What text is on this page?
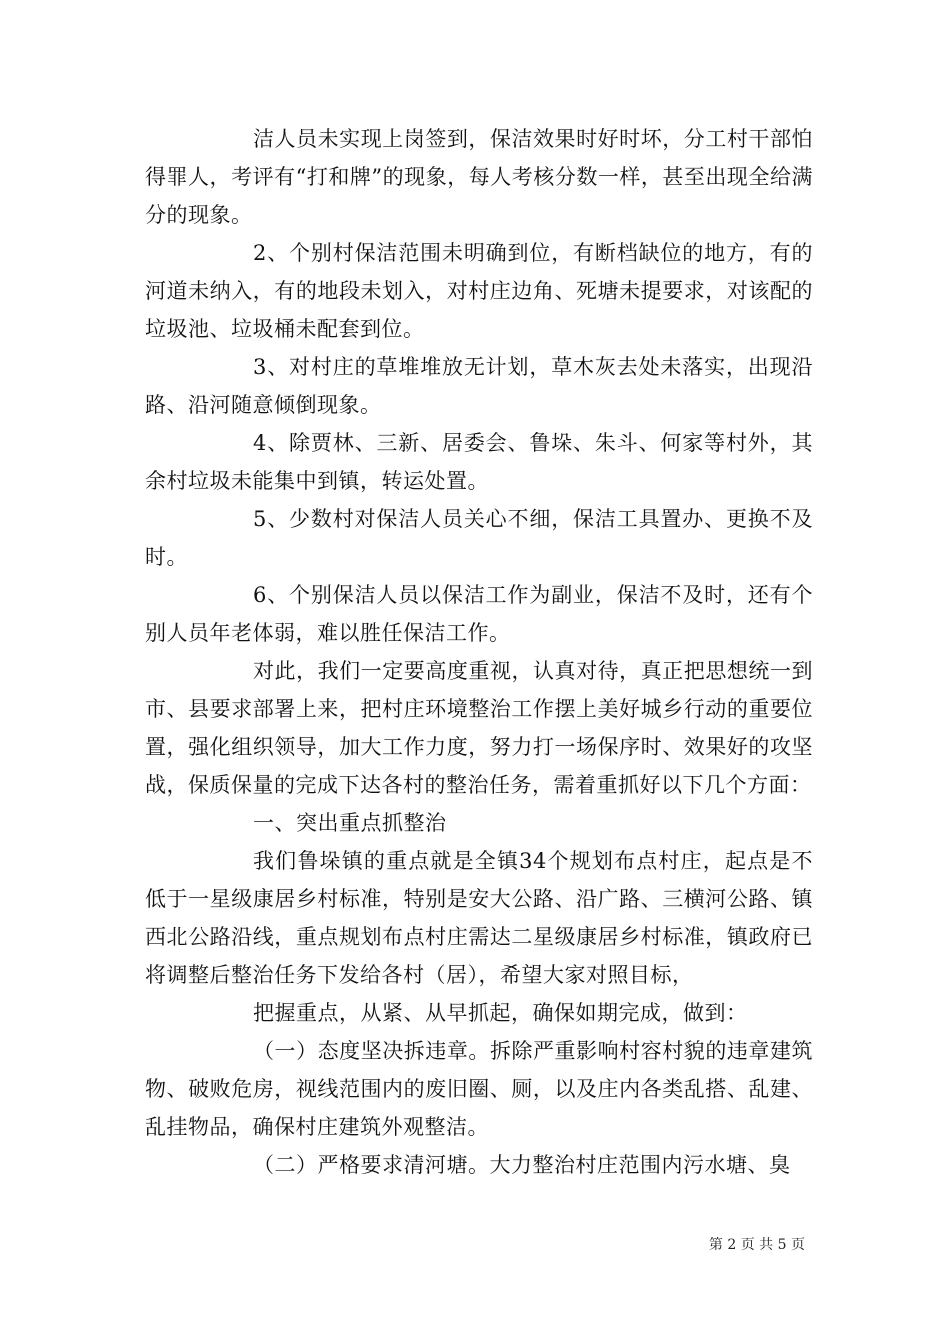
洁人员未实现上岗签到，保洁效果时好时坏，分工村干部怕得罪人，考评有“打和牌”的现象，每人考核分数一样，甚至出现全给满分的现象。

2、个别村保洁范围未明确到位，有断档缺位的地方，有的河道未纳入，有的地段未划入，对村庄边角、死塘未提要求，对该配的垃圾池、垃圾桶未配套到位。

3、对村庄的草堆堆放无计划，草木灰去处未落实，出现沿路、沿河随意倾倒现象。

4、除贾林、三新、居委会、鲁垛、朱斗、何家等村外，其余村垃圾未能集中到镇，转运处置。

5、少数村对保洁人员关心不细，保洁工具置办、更换不及时。

6、个别保洁人员以保洁工作为副业，保洁不及时，还有个别人员年老体弱，难以胜任保洁工作。

对此，我们一定要高度重视，认真对待，真正把思想统一到市、县要求部署上来，把村庄环境整治工作摆上美好城乡行动的重要位置，强化组织领导，加大工作力度，努力打一场保序时、效果好的攻坚战，保质保量的完成下达各村的整治任务，需着重抓好以下几个方面：

一、突出重点抓整治

我们鲁垛镇的重点就是全镇34个规划布点村庄，起点是不低于一星级康居乡村标准，特别是安大公路、沿广路、三横河公路、镇西北公路沿线，重点规划布点村庄需达二星级康居乡村标准，镇政府已将调整后整治任务下发给各村（居），希望大家对照目标，

把握重点，从紧、从早抓起，确保如期完成，做到：

（一）态度坚决拆违章。拆除严重影响村容村貌的违章建筑物、破败危房，视线范围内的废旧圈、厕，以及庄内各类乱搭、乱建、乱挂物品，确保村庄建筑外观整洁。

（二）严格要求清河塘。大力整治村庄范围内污水塘、臭

第 2 页 共 5 页
